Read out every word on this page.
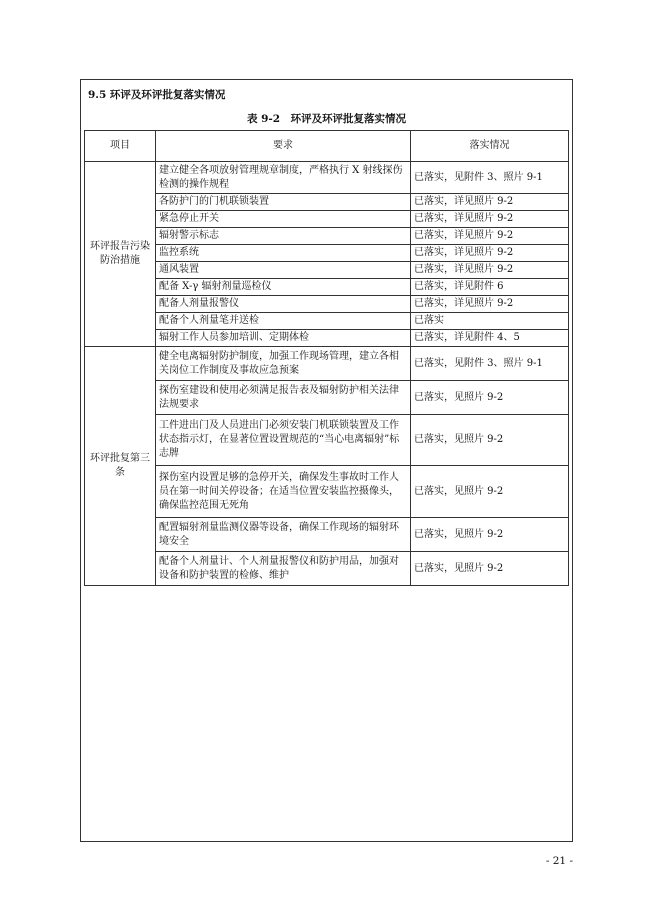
9.5 环评及环评批复落实情况
表 9-2　环评及环评批复落实情况
项目	要求	落实情况
环评报告污染防治措施	建立健全各项放射管理规章制度，严格执行 X 射线探伤检测的操作规程	已落实，见附件 3、照片 9-1
	各防护门的门机联锁装置	已落实，详见照片 9-2
	紧急停止开关	已落实，详见照片 9-2
	辐射警示标志	已落实，详见照片 9-2
	监控系统	已落实，详见照片 9-2
	通风装置	已落实，详见照片 9-2
	配备 X-γ 辐射剂量巡检仪	已落实，详见附件 6
	配备人剂量报警仪	已落实，详见照片 9-2
	配备个人剂量笔并送检	已落实
	辐射工作人员参加培训、定期体检	已落实，详见附件 4、5
环评批复第三条	健全电离辐射防护制度，加强工作现场管理，建立各相关岗位工作制度及事故应急预案	已落实，见附件 3、照片 9-1
	探伤室建设和使用必须满足报告表及辐射防护相关法律法规要求	已落实，见照片 9-2
	工件进出门及人员进出门必须安装门机联锁装置及工作状态指示灯，在显著位置设置规范的“当心电离辐射”标志牌	已落实，见照片 9-2
	探伤室内设置足够的急停开关，确保发生事故时工作人员在第一时间关停设备；在适当位置安装监控摄像头，确保监控范围无死角	已落实，见照片 9-2
	配置辐射剂量监测仪器等设备，确保工作现场的辐射环境安全	已落实，见照片 9-2
	配备个人剂量计、个人剂量报警仪和防护用品，加强对设备和防护装置的检修、维护	已落实，见照片 9-2
- 21 -
